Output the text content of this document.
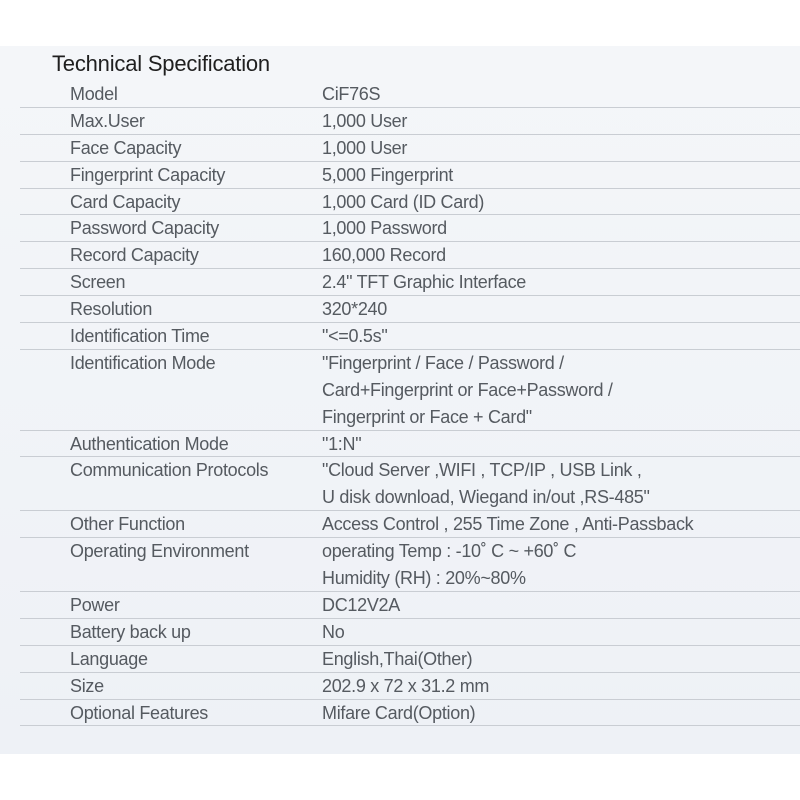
Technical Specification
Model	CiF76S
Max.User	1,000 User
Face Capacity	1,000 User
Fingerprint Capacity	5,000 Fingerprint
Card Capacity	1,000 Card (ID Card)
Password Capacity	1,000 Password
Record Capacity	160,000 Record
Screen	2.4" TFT Graphic Interface
Resolution	320*240
Identification Time	"<=0.5s"
Identification Mode	"Fingerprint / Face / Password /
Card+Fingerprint or Face+Password /
Fingerprint or Face + Card"
Authentication Mode	"1:N"
Communication Protocols	"Cloud Server ,WIFI , TCP/IP , USB Link ,
U disk download, Wiegand in/out ,RS-485"
Other Function	Access Control , 255 Time Zone , Anti-Passback
Operating Environment	operating Temp : -10˚ C ~ +60˚ C
Humidity (RH) : 20%~80%
Power	DC12V2A
Battery back up	No
Language	English,Thai(Other)
Size	202.9 x 72 x 31.2 mm
Optional Features	Mifare Card(Option)
